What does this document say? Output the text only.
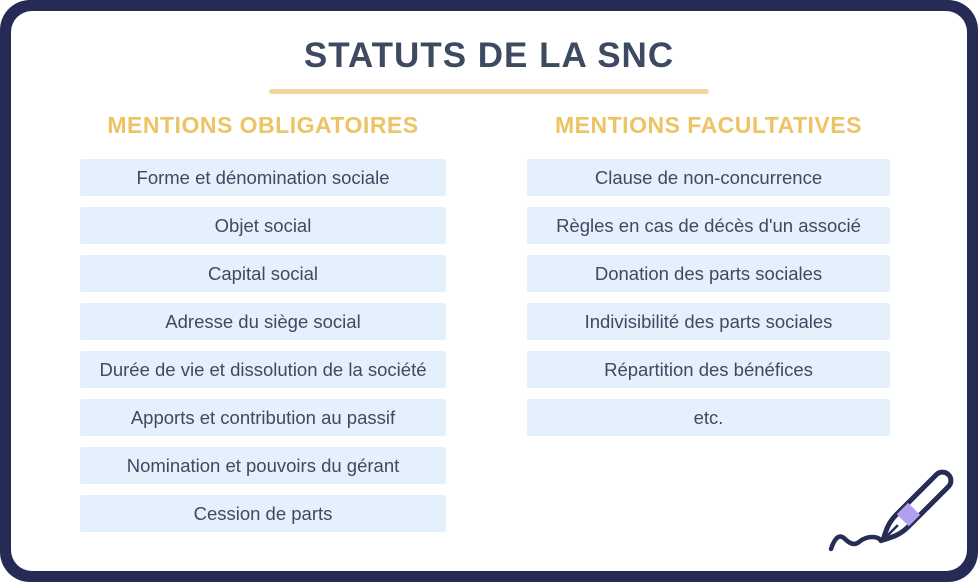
STATUTS DE LA SNC
MENTIONS OBLIGATOIRES
Forme et dénomination sociale
Objet social
Capital social
Adresse du siège social
Durée de vie et dissolution de la société
Apports et contribution au passif
Nomination et pouvoirs du gérant
Cession de parts
MENTIONS FACULTATIVES
Clause de non-concurrence
Règles en cas de décès d'un associé
Donation des parts sociales
Indivisibilité des parts sociales
Répartition des bénéfices
etc.
